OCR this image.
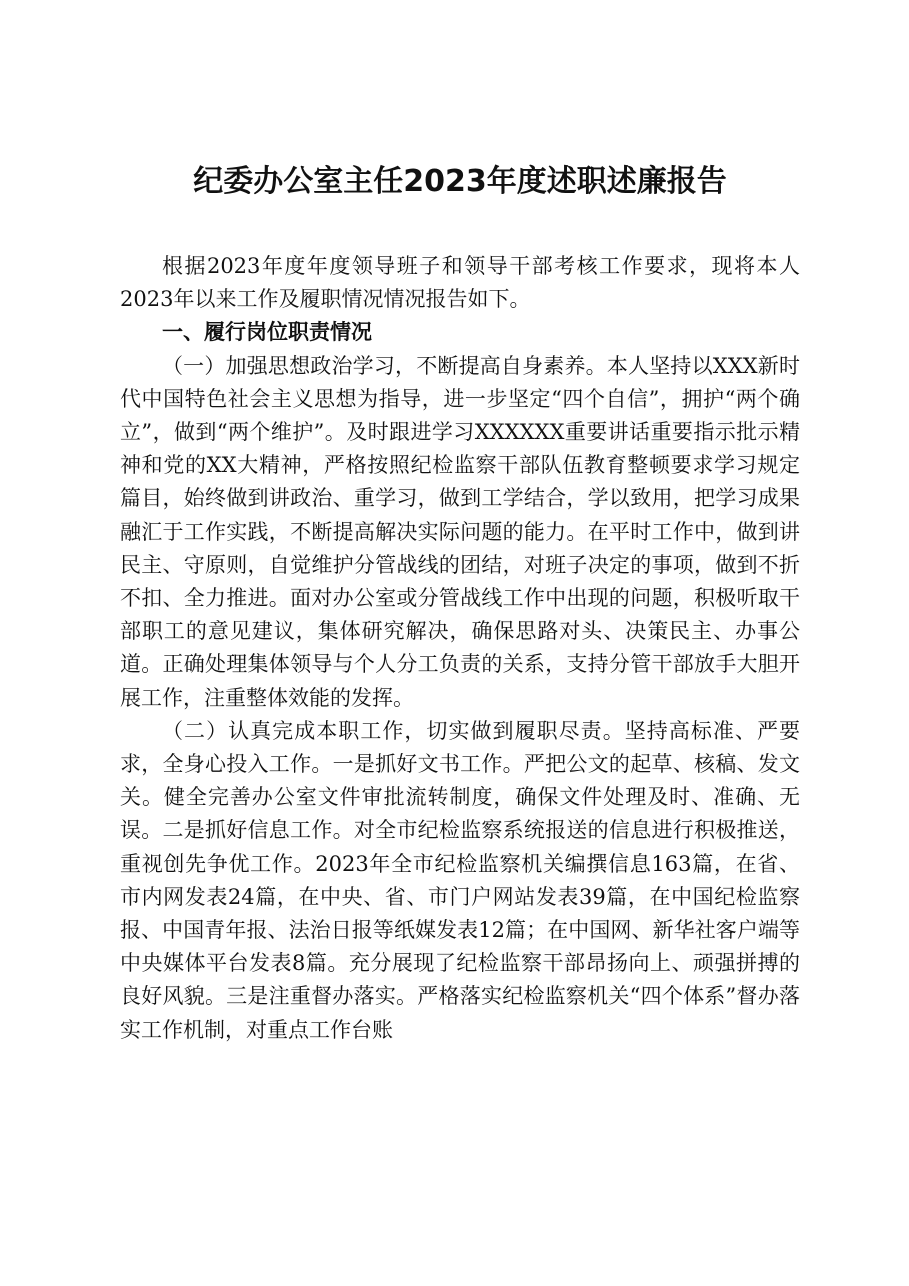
纪委办公室主任2023年度述职述廉报告

根据2023年度年度领导班子和领导干部考核工作要求，现将本人2023年以来工作及履职情况情况报告如下。

一、履行岗位职责情况

（一）加强思想政治学习，不断提高自身素养。本人坚持以XXX新时代中国特色社会主义思想为指导，进一步坚定“四个自信”，拥护“两个确立”，做到“两个维护”。及时跟进学习XXXXXX重要讲话重要指示批示精神和党的XX大精神，严格按照纪检监察干部队伍教育整顿要求学习规定篇目，始终做到讲政治、重学习，做到工学结合，学以致用，把学习成果融汇于工作实践，不断提高解决实际问题的能力。在平时工作中，做到讲民主、守原则，自觉维护分管战线的团结，对班子决定的事项，做到不折不扣、全力推进。面对办公室或分管战线工作中出现的问题，积极听取干部职工的意见建议，集体研究解决，确保思路对头、决策民主、办事公道。正确处理集体领导与个人分工负责的关系，支持分管干部放手大胆开展工作，注重整体效能的发挥。

（二）认真完成本职工作，切实做到履职尽责。坚持高标准、严要求，全身心投入工作。一是抓好文书工作。严把公文的起草、核稿、发文关。健全完善办公室文件审批流转制度，确保文件处理及时、准确、无误。二是抓好信息工作。对全市纪检监察系统报送的信息进行积极推送，重视创先争优工作。2023年全市纪检监察机关编撰信息163篇，在省、市内网发表24篇，在中央、省、市门户网站发表39篇，在中国纪检监察报、中国青年报、法治日报等纸媒发表12篇；在中国网、新华社客户端等中央媒体平台发表8篇。充分展现了纪检监察干部昂扬向上、顽强拼搏的良好风貌。三是注重督办落实。严格落实纪检监察机关“四个体系”督办落实工作机制，对重点工作台账
